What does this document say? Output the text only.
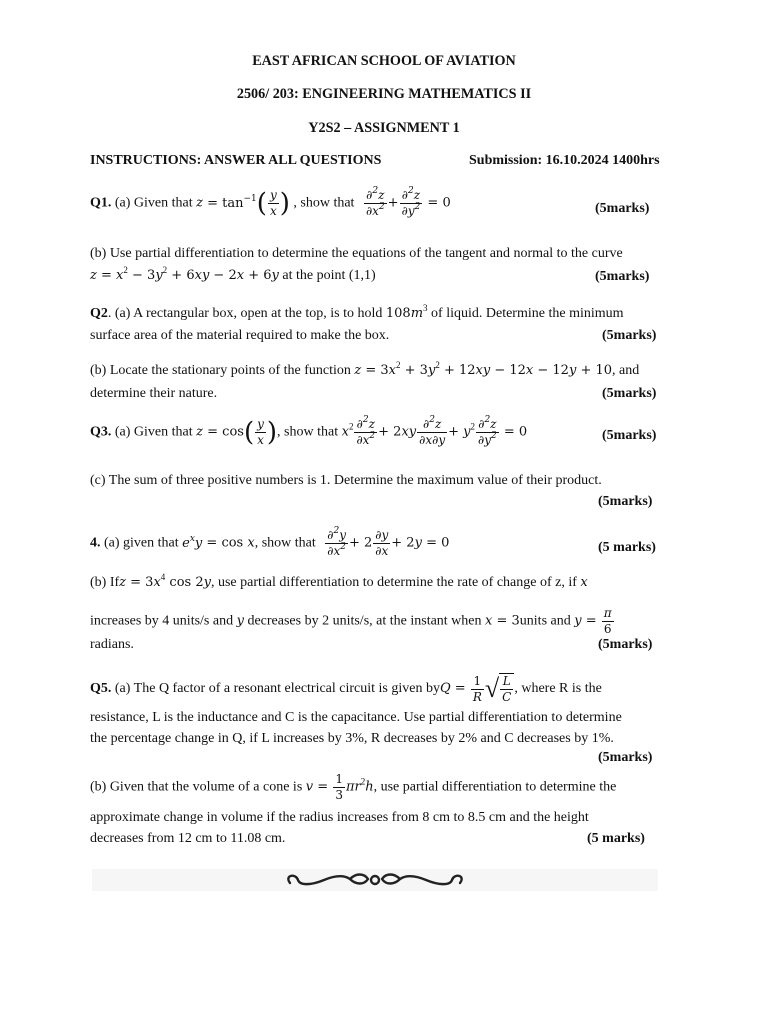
EAST AFRICAN SCHOOL OF AVIATION
2506/ 203: ENGINEERING MATHEMATICS II
Y2S2 – ASSIGNMENT 1
INSTRUCTIONS: ANSWER ALL QUESTIONS	Submission: 16.10.2024 1400hrs
Q1. (a) Given that $z = \tan^{-1}( \frac{y}{x}$ ) , show that $\frac{\partial^2z}{\partial x^2} + \frac{\partial^2z}{\partial y^2} = 0$	(5marks)
(b) Use partial differentiation to determine the equations of the tangent and normal to the curve
$z = x^2 - 3y^2 + 6xy - 2x + 6y$ at the point (1,1)	(5marks)
Q2. (a) A rectangular box, open at the top, is to hold $108m^3$ of liquid. Determine the minimum
surface area of the material required to make the box.	(5marks)
(b) Locate the stationary points of the function $z = 3x^2 + 3y^2 + 12xy - 12x - 12y + 10$, and
determine their nature.	(5marks)
Q3. (a) Given that $z = \cos( \frac{y}{x}$ ), show that $x^2 \frac{\partial^2z}{\partial x^2} + 2xy \frac{\partial^2z}{\partial x\partial y} + y^2 \frac{\partial^2z}{\partial y^2} = 0$	(5marks)
(c) The sum of three positive numbers is 1. Determine the maximum value of their product.
(5marks)
4. (a) given that $e^xy = \cos x$, show that $\frac{\partial^2y}{\partial x^2} + 2 \frac{\partial y}{\partial x} + 2y = 0$	(5 marks)
(b) Ifz = $3x^4$ cos 2y, use partial differentiation to determine the rate of change of z, if x
increases by 4 units/s and y decreases by 2 units/s, at the instant when x = 3units and $y = \frac{\pi}{6}$
radians.	(5marks)
Q5. (a) The Q factor of a resonant electrical circuit is given byQ = $\frac{1}{R}$ √ $\frac{L}{C}$ , where R is the
resistance, L is the inductance and C is the capacitance. Use partial differentiation to determine
the percentage change in Q, if L increases by 3%, R decreases by 2% and C decreases by 1%.
(5marks)
(b) Given that the volume of a cone is $v = \frac{1}{3} \pi r^2h$, use partial differentiation to determine the
approximate change in volume if the radius increases from 8 cm to 8.5 cm and the height
decreases from 12 cm to 11.08 cm.	(5 marks)
